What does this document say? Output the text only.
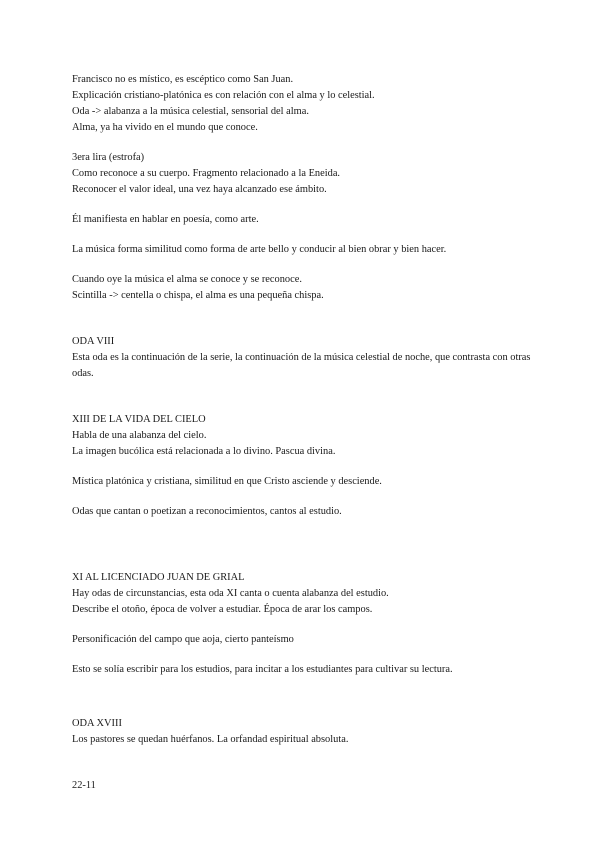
Francisco no es místico, es escéptico como San Juan.
Explicación cristiano-platónica es con relación con el alma y lo celestial.
Oda -> alabanza a la música celestial, sensorial del alma.
Alma, ya ha vivido en el mundo que conoce.
3era lira (estrofa)
Como reconoce a su cuerpo. Fragmento relacionado a la Eneida.
Reconocer el valor ideal, una vez haya alcanzado ese ámbito.
Él manifiesta en hablar en poesía, como arte.
La música forma similitud como forma de arte bello y conducir al bien obrar y bien hacer.
Cuando oye la música el alma se conoce y se reconoce.
Scintilla -> centella o chispa, el alma es una pequeña chispa.
ODA VIII
Esta oda es la continuación de la serie, la continuación de la música celestial de noche, que contrasta con otras odas.
XIII DE LA VIDA DEL CIELO
Habla de una alabanza del cielo.
La imagen bucólica está relacionada a lo divino. Pascua divina.
Mística platónica y cristiana, similitud en que Cristo asciende y desciende.
Odas que cantan o poetizan a reconocimientos, cantos al estudio.
XI AL LICENCIADO JUAN DE GRIAL
Hay odas de circunstancias, esta oda XI canta o cuenta alabanza del estudio.
Describe el otoño, época de volver a estudiar. Época de arar los campos.
Personificación del campo que aoja, cierto panteísmo
Esto se solía escribir para los estudios, para incitar a los estudiantes para cultivar su lectura.
ODA XVIII
Los pastores se quedan huérfanos. La orfandad espiritual absoluta.
22-11
